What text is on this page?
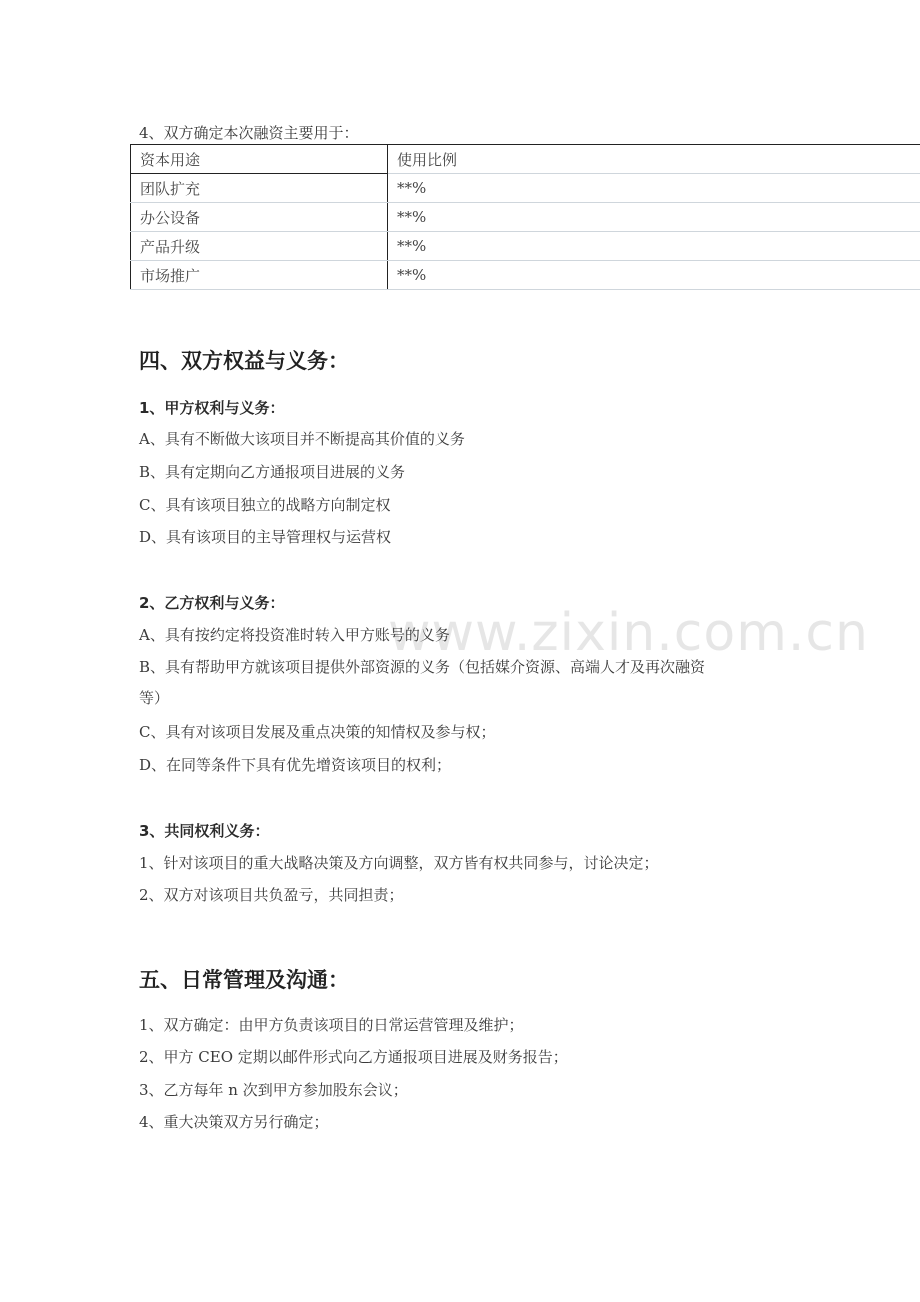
www.zixin.com.cn
4、双方确定本次融资主要用于：
资本用途	使用比例
团队扩充	**%
办公设备	**%
产品升级	**%
市场推广	**%
四、双方权益与义务：
1、甲方权利与义务：
A、具有不断做大该项目并不断提高其价值的义务
B、具有定期向乙方通报项目进展的义务
C、具有该项目独立的战略方向制定权
D、具有该项目的主导管理权与运营权
2、乙方权利与义务：
A、具有按约定将投资准时转入甲方账号的义务
B、具有帮助甲方就该项目提供外部资源的义务（包括媒介资源、高端人才及再次融资
等）
C、具有对该项目发展及重点决策的知情权及参与权；
D、在同等条件下具有优先增资该项目的权利；
3、共同权利义务：
1、针对该项目的重大战略决策及方向调整，双方皆有权共同参与，讨论决定；
2、双方对该项目共负盈亏，共同担责；
五、日常管理及沟通：
1、双方确定：由甲方负责该项目的日常运营管理及维护；
2、甲方 CEO 定期以邮件形式向乙方通报项目进展及财务报告；
3、乙方每年 n 次到甲方参加股东会议；
4、重大决策双方另行确定；
